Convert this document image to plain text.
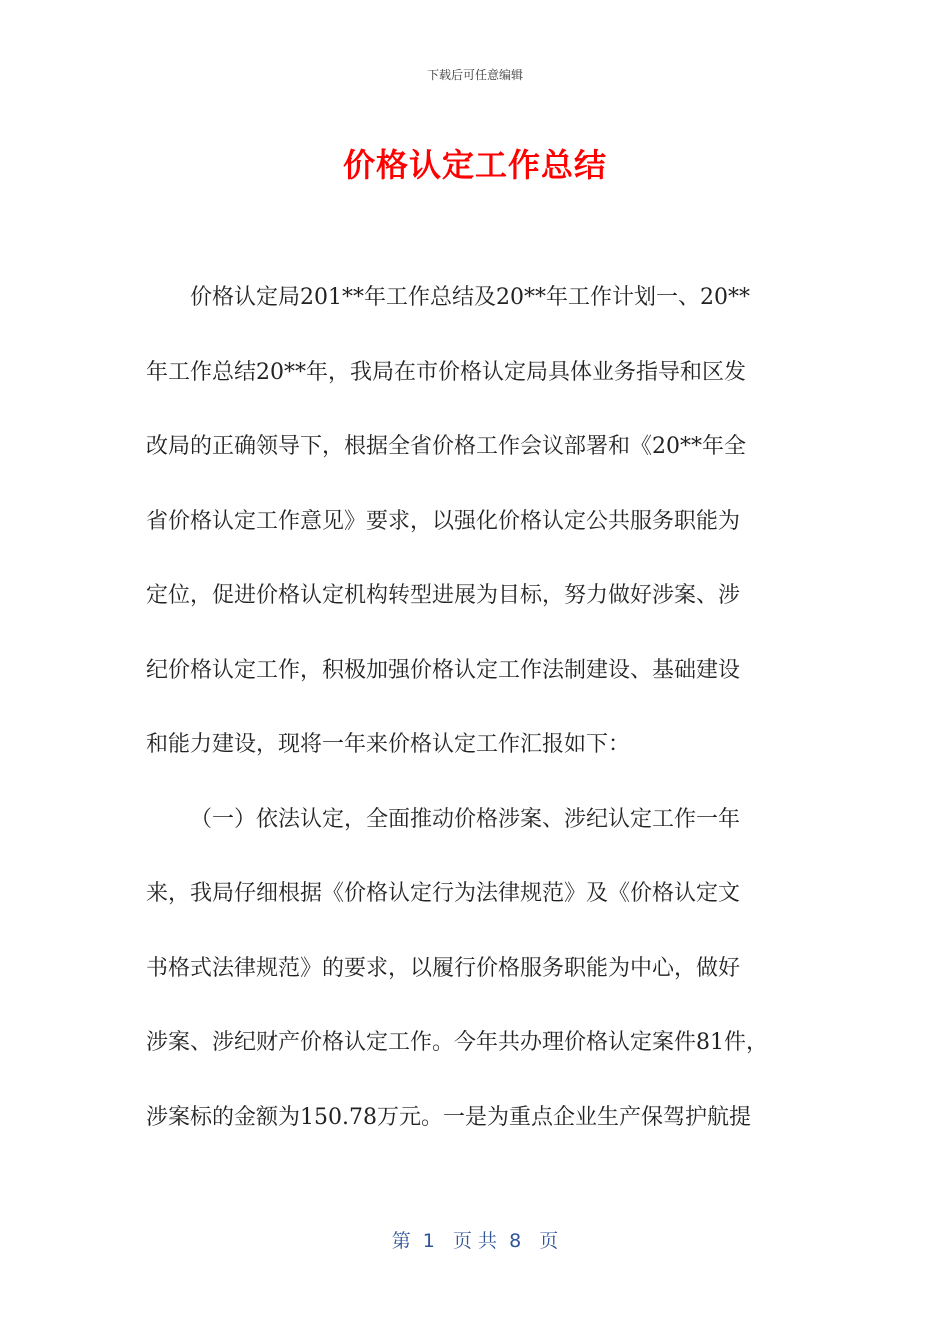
下载后可任意编辑
价格认定工作总结
价格认定局201**年工作总结及20**年工作计划一、20**
年工作总结20**年，我局在市价格认定局具体业务指导和区发
改局的正确领导下，根据全省价格工作会议部署和《20**年全
省价格认定工作意见》要求，以强化价格认定公共服务职能为
定位，促进价格认定机构转型进展为目标，努力做好涉案、涉
纪价格认定工作，积极加强价格认定工作法制建设、基础建设
和能力建设，现将一年来价格认定工作汇报如下：
（一）依法认定，全面推动价格涉案、涉纪认定工作一年
来，我局仔细根据《价格认定行为法律规范》及《价格认定文
书格式法律规范》的要求，以履行价格服务职能为中心，做好
涉案、涉纪财产价格认定工作。今年共办理价格认定案件81件，
涉案标的金额为150.78万元。一是为重点企业生产保驾护航提
第  1   页 共  8   页
